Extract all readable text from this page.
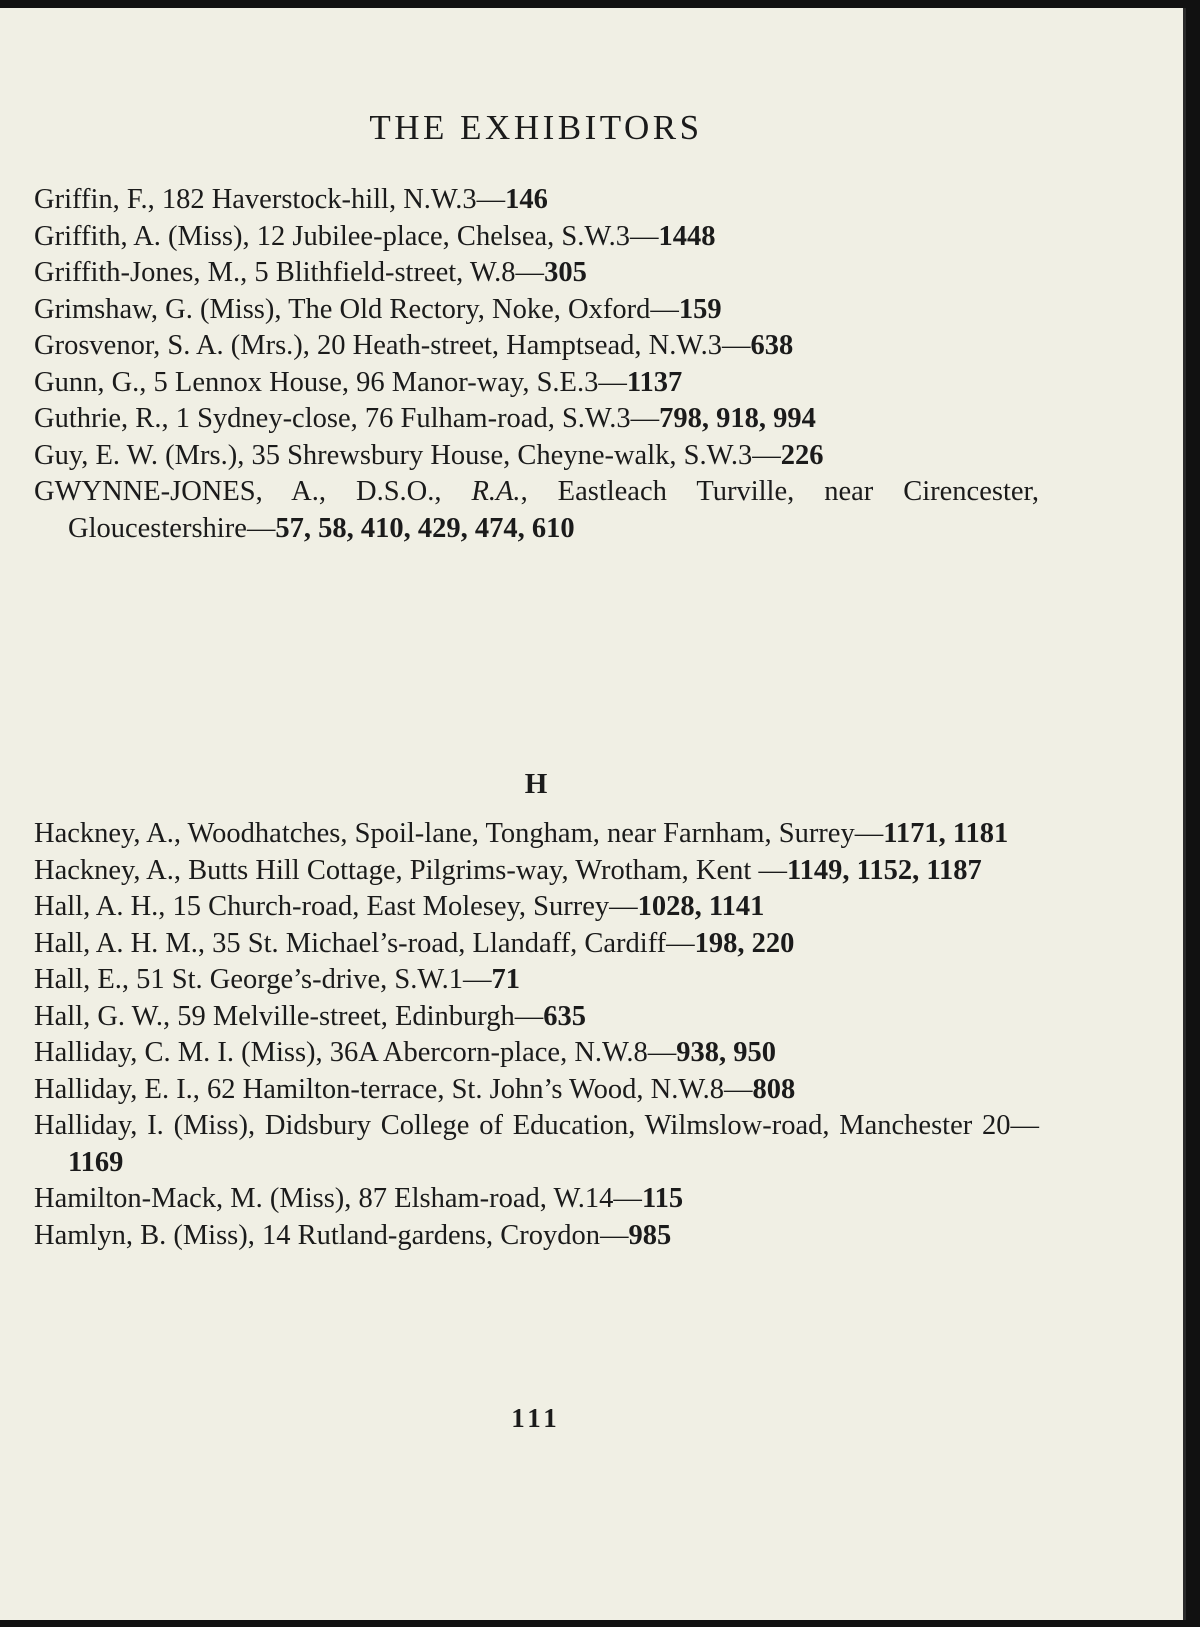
THE EXHIBITORS

Griffin, F., 182 Haverstock-hill, N.W.3—146

Griffith, A. (Miss), 12 Jubilee-place, Chelsea, S.W.3—1448

Griffith-Jones, M., 5 Blithfield-street, W.8—305

Grimshaw, G. (Miss), The Old Rectory, Noke, Oxford—159

Grosvenor, S. A. (Mrs.), 20 Heath-street, Hamptsead, N.W.3—638

Gunn, G., 5 Lennox House, 96 Manor-way, S.E.3—1137

Guthrie, R., 1 Sydney-close, 76 Fulham-road, S.W.3—798, 918, 994

Guy, E. W. (Mrs.), 35 Shrewsbury House, Cheyne-walk, S.W.3—226

GWYNNE-JONES, A., D.S.O., R.A., Eastleach Turville, near Cirencester, Gloucestershire—57, 58, 410, 429, 474, 610

H

Hackney, A., Woodhatches, Spoil-lane, Tongham, near Farnham, Surrey—1171, 1181

Hackney, A., Butts Hill Cottage, Pilgrims-way, Wrotham, Kent —1149, 1152, 1187

Hall, A. H., 15 Church-road, East Molesey, Surrey—1028, 1141

Hall, A. H. M., 35 St. Michael’s-road, Llandaff, Cardiff—198, 220

Hall, E., 51 St. George’s-drive, S.W.1—71

Hall, G. W., 59 Melville-street, Edinburgh—635

Halliday, C. M. I. (Miss), 36A Abercorn-place, N.W.8—938, 950

Halliday, E. I., 62 Hamilton-terrace, St. John’s Wood, N.W.8—808

Halliday, I. (Miss), Didsbury College of Education, Wilmslow-road, Manchester 20—1169

Hamilton-Mack, M. (Miss), 87 Elsham-road, W.14—115

Hamlyn, B. (Miss), 14 Rutland-gardens, Croydon—985

111
